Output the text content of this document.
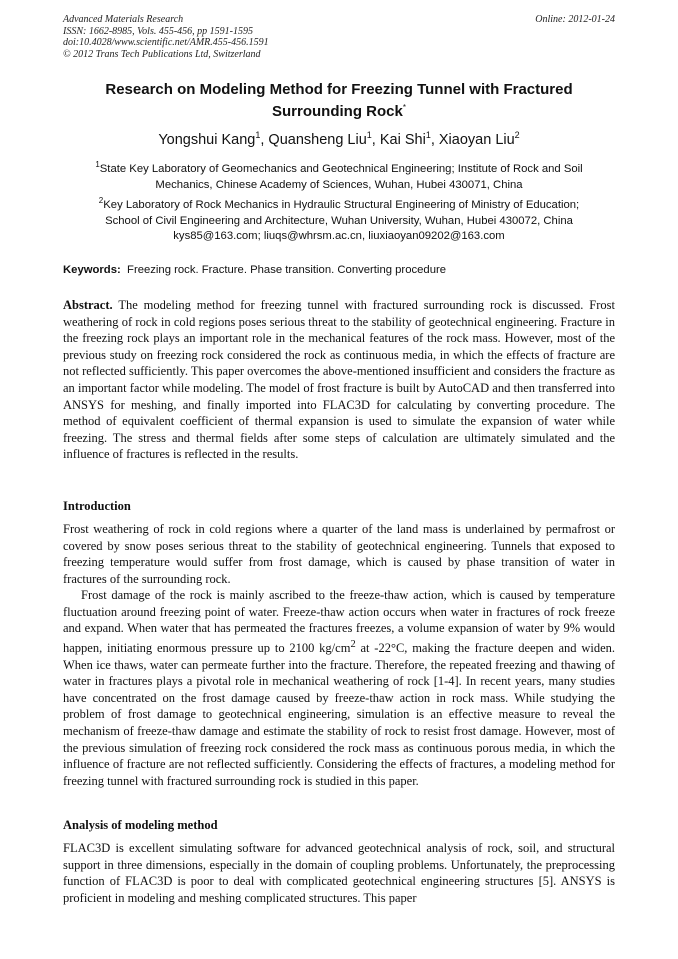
Advanced Materials Research
ISSN: 1662-8985, Vols. 455-456, pp 1591-1595
doi:10.4028/www.scientific.net/AMR.455-456.1591
© 2012 Trans Tech Publications Ltd, Switzerland
Online: 2012-01-24
Research on Modeling Method for Freezing Tunnel with Fractured
Surrounding Rock*
Yongshui Kang$^1$, Quansheng Liu$^1$, Kai Shi$^1$, Xiaoyan Liu$^2$
$^1$State Key Laboratory of Geomechanics and Geotechnical Engineering; Institute of Rock and Soil
Mechanics, Chinese Academy of Sciences, Wuhan, Hubei 430071, China
$^2$Key Laboratory of Rock Mechanics in Hydraulic Structural Engineering of Ministry of Education;
School of Civil Engineering and Architecture, Wuhan University, Wuhan, Hubei 430072, China
kys85@163.com; liuqs@whrsm.ac.cn, liuxiaoyan09202@163.com
Keywords: Freezing rock. Fracture. Phase transition. Converting procedure

Abstract. The modeling method for freezing tunnel with fractured surrounding rock is discussed. Frost weathering of rock in cold regions poses serious threat to the stability of geotechnical engineering. Fracture in the freezing rock plays an important role in the mechanical features of the rock mass. However, most of the previous study on freezing rock considered the rock as continuous media, in which the effects of fracture are not reflected sufficiently. This paper overcomes the above-mentioned insufficient and considers the fracture as an important factor while modeling. The model of frost fracture is built by AutoCAD and then transferred into ANSYS for meshing, and finally imported into FLAC3D for calculating by converting procedure. The method of equivalent coefficient of thermal expansion is used to simulate the expansion of water while freezing. The stress and thermal fields after some steps of calculation are ultimately simulated and the influence of fractures is reflected in the results.

Introduction

Frost weathering of rock in cold regions where a quarter of the land mass is underlained by permafrost or covered by snow poses serious threat to the stability of geotechnical engineering. Tunnels that exposed to freezing temperature would suffer from frost damage, which is caused by phase transition of water in fractures of the surrounding rock.

Frost damage of the rock is mainly ascribed to the freeze-thaw action, which is caused by temperature fluctuation around freezing point of water. Freeze-thaw action occurs when water in fractures of rock freeze and expand. When water that has permeated the fractures freezes, a volume expansion of water by 9% would happen, initiating enormous pressure up to 2100 $kg/cm^2$ at -22°C, making the fracture deepen and widen. When ice thaws, water can permeate further into the fracture. Therefore, the repeated freezing and thawing of water in fractures plays a pivotal role in mechanical weathering of rock [1-4]. In recent years, many studies have concentrated on the frost damage caused by freeze-thaw action in rock mass. While studying the problem of frost damage to geotechnical engineering, simulation is an effective measure to reveal the mechanism of freeze-thaw damage and estimate the stability of rock to resist frost damage. However, most of the previous simulation of freezing rock considered the rock mass as continuous porous media, in which the influence of fracture are not reflected sufficiently. Considering the effects of fractures, a modeling method for freezing tunnel with fractured surrounding rock is studied in this paper.

Analysis of modeling method

FLAC3D is excellent simulating software for advanced geotechnical analysis of rock, soil, and structural support in three dimensions, especially in the domain of coupling problems. Unfortunately, the preprocessing function of FLAC3D is poor to deal with complicated geotechnical engineering structures [5]. ANSYS is proficient in modeling and meshing complicated structures. This paper
